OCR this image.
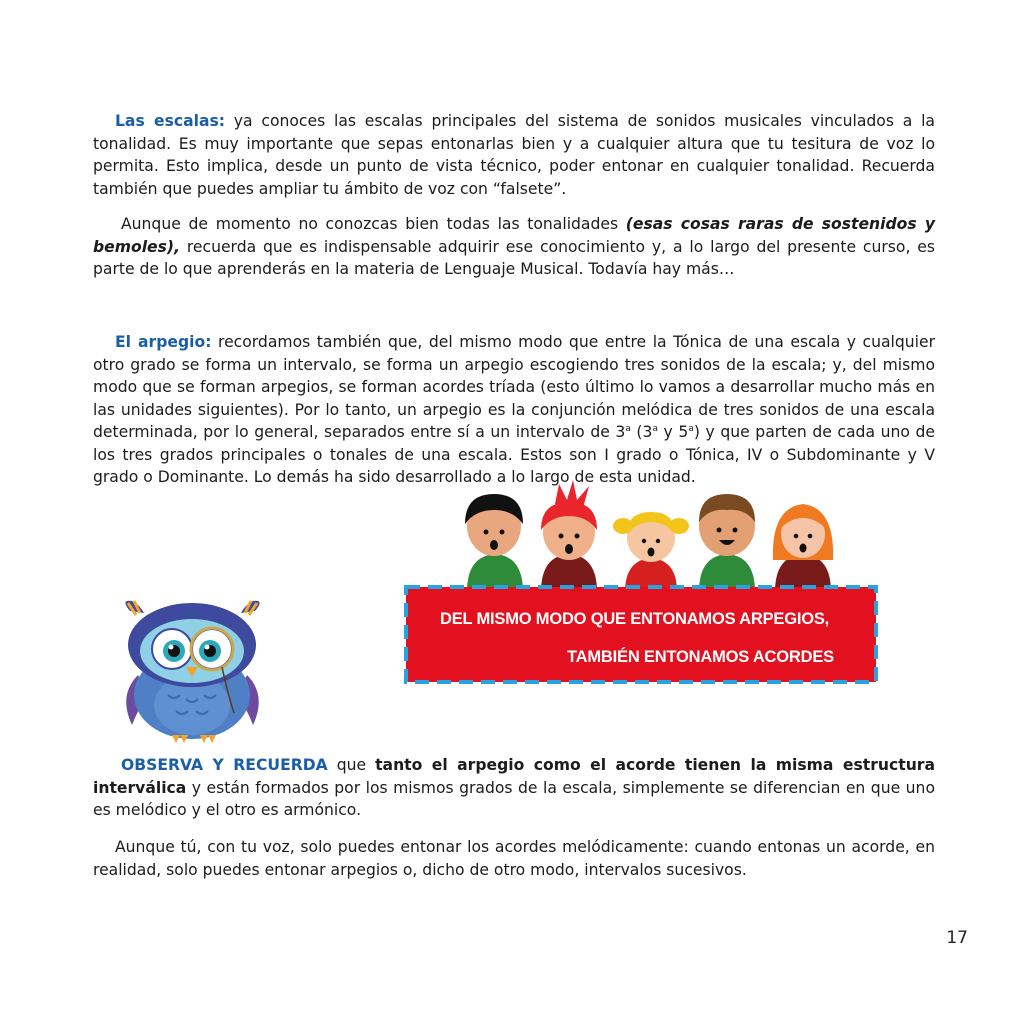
Las escalas: ya conoces las escalas principales del sistema de sonidos musicales vinculados a la tonalidad. Es muy importante que sepas entonarlas bien y a cualquier altura que tu tesitura de voz lo permita. Esto implica, desde un punto de vista técnico, poder entonar en cualquier tonalidad. Recuerda también que puedes ampliar tu ámbito de voz con “falsete”.

Aunque de momento no conozcas bien todas las tonalidades (esas cosas raras de sostenidos y bemoles), recuerda que es indispensable adquirir ese conocimiento y, a lo largo del presente curso, es parte de lo que aprenderás en la materia de Lenguaje Musical. Todavía hay más…

El arpegio: recordamos también que, del mismo modo que entre la Tónica de una escala y cualquier otro grado se forma un intervalo, se forma un arpegio escogiendo tres sonidos de la escala; y, del mismo modo que se forman arpegios, se forman acordes tríada (esto último lo vamos a desarrollar mucho más en las unidades siguientes). Por lo tanto, un arpegio es la conjunción melódica de tres sonidos de una escala determinada, por lo general, separados entre sí a un intervalo de 3$^a$ (3$^a$ y 5$^a$) y que parten de cada uno de los tres grados principales o tonales de una escala. Estos son I grado o Tónica, IV o Subdominante y V grado o Dominante. Lo demás ha sido desarrollado a lo largo de esta unidad.

DEL MISMO MODO QUE ENTONAMOS ARPEGIOS,
TAMBIÉN ENTONAMOS ACORDES

OBSERVA Y RECUERDA que tanto el arpegio como el acorde tienen la misma estructura interválica y están formados por los mismos grados de la escala, simplemente se diferencian en que uno es melódico y el otro es armónico.

Aunque tú, con tu voz, solo puedes entonar los acordes melódicamente: cuando entonas un acorde, en realidad, solo puedes entonar arpegios o, dicho de otro modo, intervalos sucesivos.

17
